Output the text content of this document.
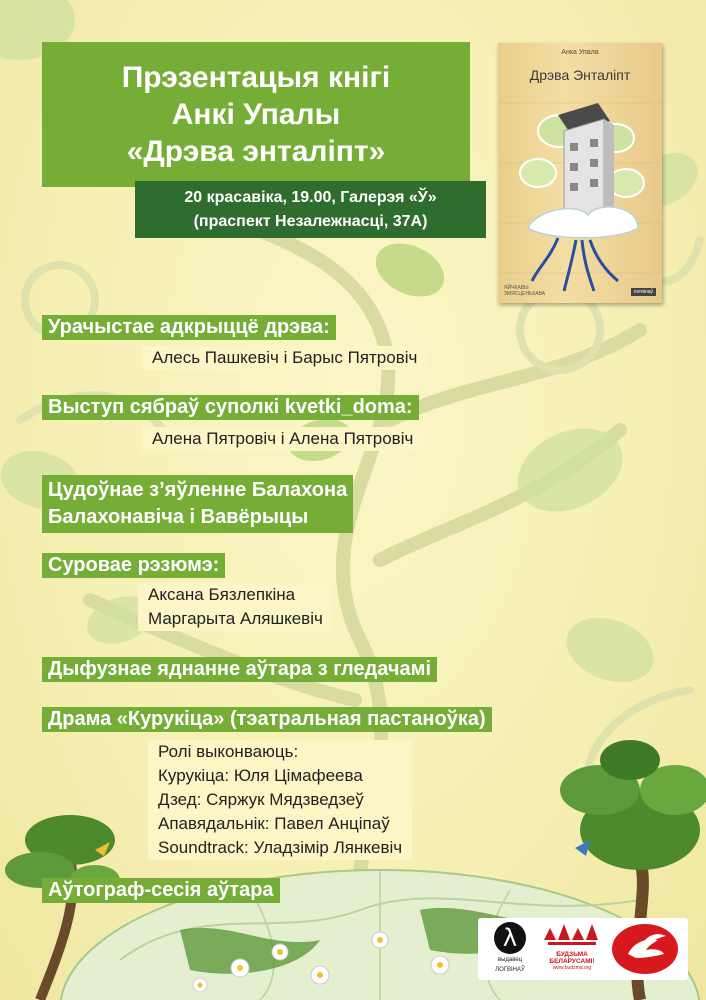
Прэзентацыя кнігі
Анкі Упалы
«Дрэва энталіпт»
20 красавіка, 19.00, Галерэя «Ў»
(праспект Незалежнасці, 37А)
Анка Упала
Дрэва Энталіпт
ЯЙЧКАВЫ ЗМЯСЦЕНЬКАВА	логвінаў
Урачыстае адкрыццё дрэва:
Алесь Пашкевіч і Барыс Пятровіч
Выступ сябраў суполкі kvetki_doma:
Алена Пятровіч і Алена Пятровіч
Цудоўнае з’яўленне Балахона
Балахонавіча і Вавёрыцы
Суровае рэзюмэ:
Аксана Бязлепкіна
Маргарыта Аляшкевіч
Дыфузнае яднанне аўтара з гледачамі
Драма «Курукіца» (тэатральная пастаноўка)
Ролі выконваюць:
Курукіца: Юля Цімафеева
Дзед: Сяржук Мядзведзеў
Апавядальнік: Павел Анціпаў
Soundtrack: Уладзімір Лянкевіч
Аўтограф-сесія аўтара
λ
выдавец
ЛОГВІНАЎ
БУДЗЬМА
БЕЛАРУСАМІ!
www.budzma.org
